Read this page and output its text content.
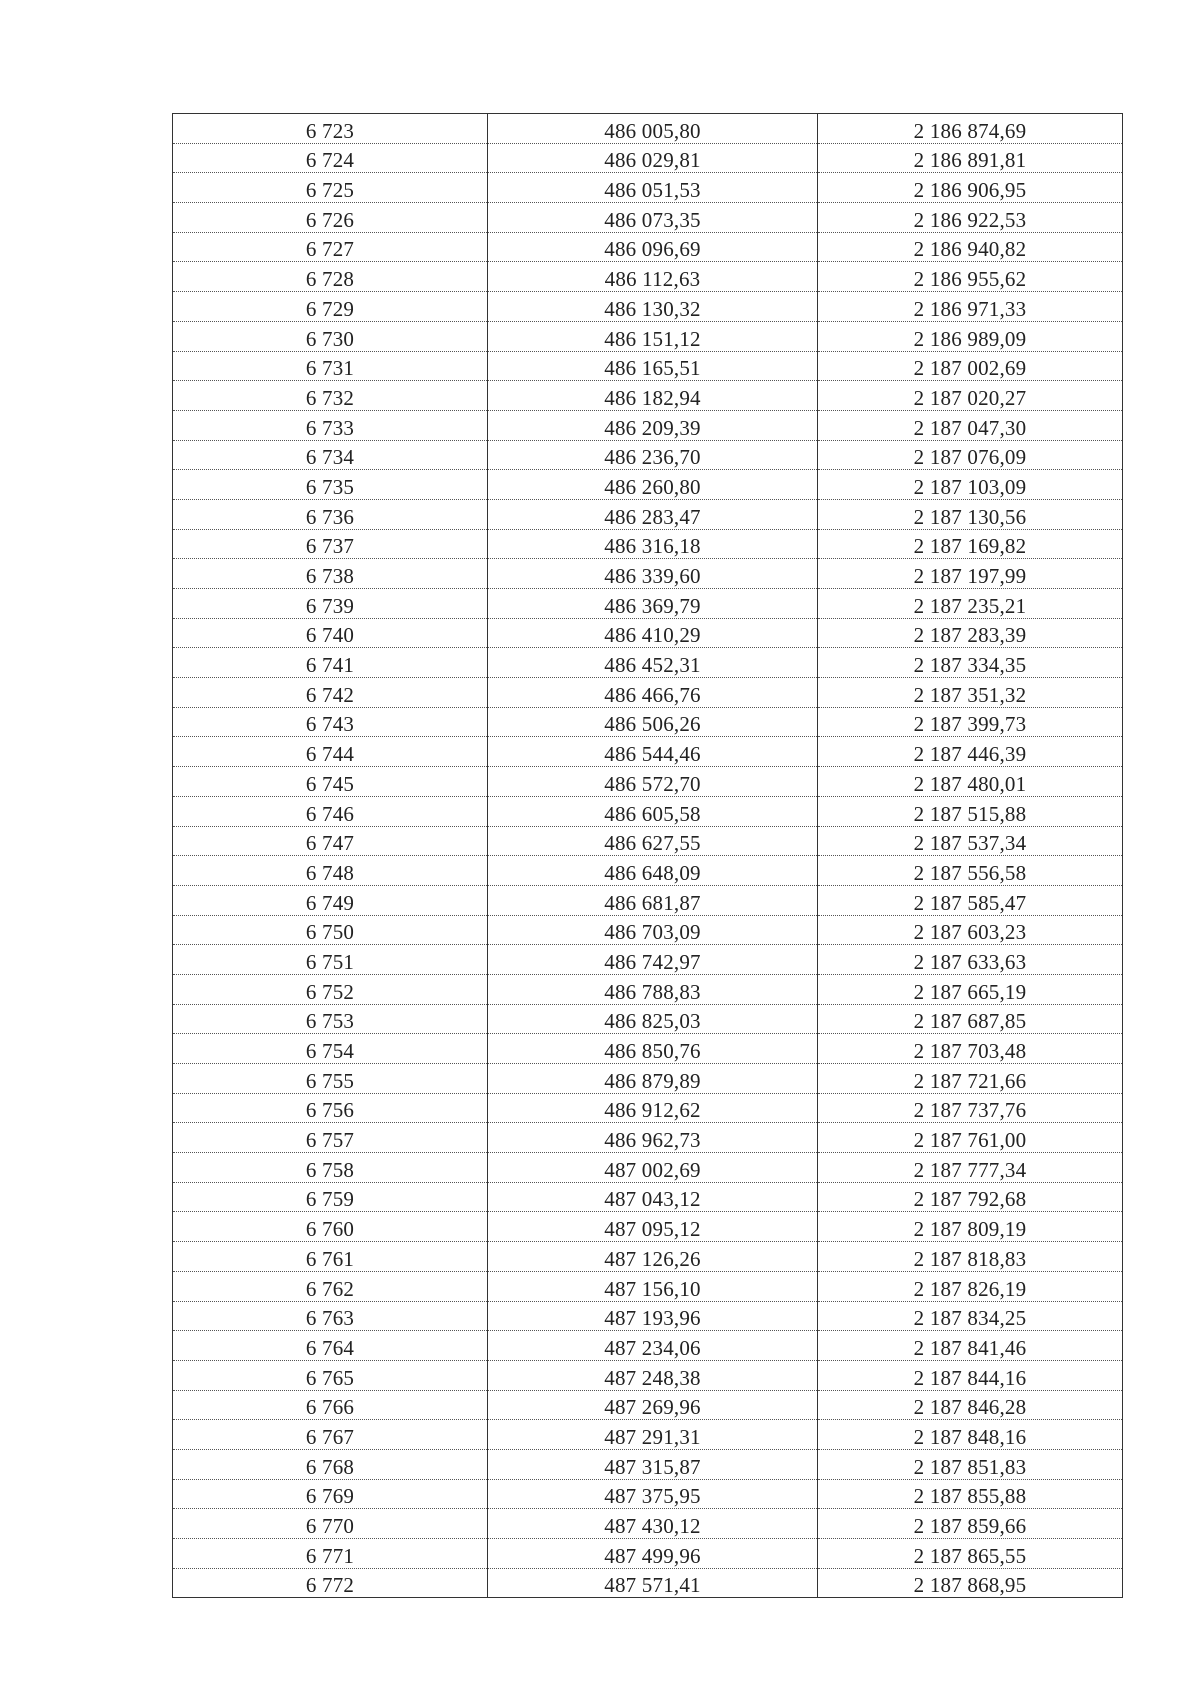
6 723	486 005,80	2 186 874,69
6 724	486 029,81	2 186 891,81
6 725	486 051,53	2 186 906,95
6 726	486 073,35	2 186 922,53
6 727	486 096,69	2 186 940,82
6 728	486 112,63	2 186 955,62
6 729	486 130,32	2 186 971,33
6 730	486 151,12	2 186 989,09
6 731	486 165,51	2 187 002,69
6 732	486 182,94	2 187 020,27
6 733	486 209,39	2 187 047,30
6 734	486 236,70	2 187 076,09
6 735	486 260,80	2 187 103,09
6 736	486 283,47	2 187 130,56
6 737	486 316,18	2 187 169,82
6 738	486 339,60	2 187 197,99
6 739	486 369,79	2 187 235,21
6 740	486 410,29	2 187 283,39
6 741	486 452,31	2 187 334,35
6 742	486 466,76	2 187 351,32
6 743	486 506,26	2 187 399,73
6 744	486 544,46	2 187 446,39
6 745	486 572,70	2 187 480,01
6 746	486 605,58	2 187 515,88
6 747	486 627,55	2 187 537,34
6 748	486 648,09	2 187 556,58
6 749	486 681,87	2 187 585,47
6 750	486 703,09	2 187 603,23
6 751	486 742,97	2 187 633,63
6 752	486 788,83	2 187 665,19
6 753	486 825,03	2 187 687,85
6 754	486 850,76	2 187 703,48
6 755	486 879,89	2 187 721,66
6 756	486 912,62	2 187 737,76
6 757	486 962,73	2 187 761,00
6 758	487 002,69	2 187 777,34
6 759	487 043,12	2 187 792,68
6 760	487 095,12	2 187 809,19
6 761	487 126,26	2 187 818,83
6 762	487 156,10	2 187 826,19
6 763	487 193,96	2 187 834,25
6 764	487 234,06	2 187 841,46
6 765	487 248,38	2 187 844,16
6 766	487 269,96	2 187 846,28
6 767	487 291,31	2 187 848,16
6 768	487 315,87	2 187 851,83
6 769	487 375,95	2 187 855,88
6 770	487 430,12	2 187 859,66
6 771	487 499,96	2 187 865,55
6 772	487 571,41	2 187 868,95
